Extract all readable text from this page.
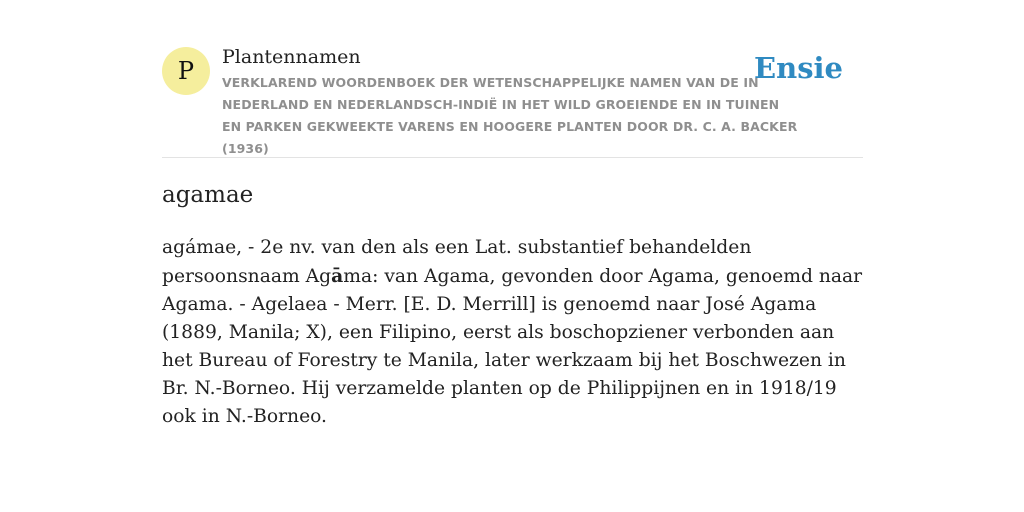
P	Plantennamen
VERKLAREND WOORDENBOEK DER WETENSCHAPPELIJKE NAMEN VAN DE IN NEDERLAND EN NEDERLANDSCH-INDIË IN HET WILD GROEIENDE EN IN TUINEN EN PARKEN GEKWEEKTE VARENS EN HOOGERE PLANTEN DOOR DR. C. A. BACKER (1936)
Ensie
agamae

agámae, - 2e nv. van den als een Lat. substantief behandelden persoonsnaam Agāma: van Agama, gevonden door Agama, genoemd naar Agama. - Agelaea - Merr. [E. D. Merrill] is genoemd naar José Agama (1889, Manila; X), een Filipino, eerst als boschopziener verbonden aan het Bureau of Forestry te Manila, later werkzaam bij het Boschwezen in Br. N.-Borneo. Hij verzamelde planten op de Philippijnen en in 1918/19 ook in N.-Borneo.
